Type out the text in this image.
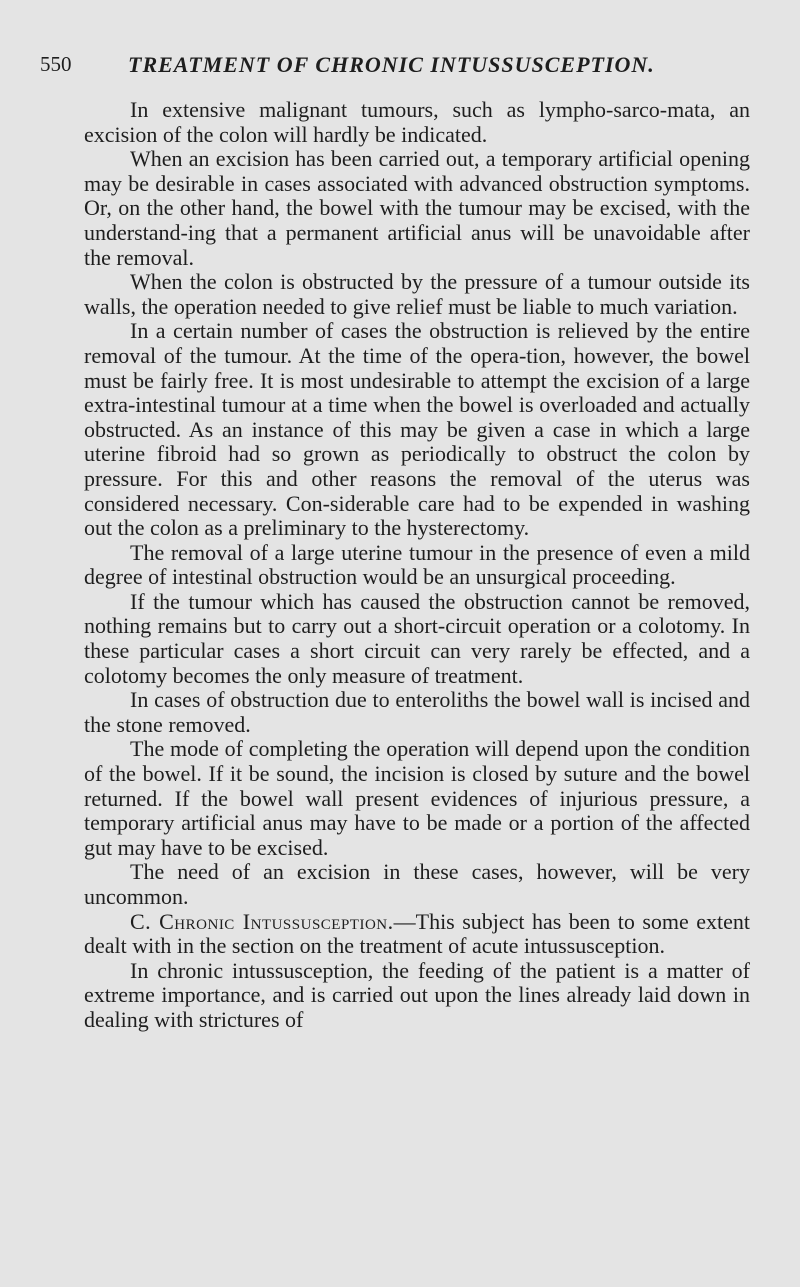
550	TREATMENT OF CHRONIC INTUSSUSCEPTION.

In extensive malignant tumours, such as lympho-sarco-mata, an excision of the colon will hardly be indicated.

When an excision has been carried out, a temporary artificial opening may be desirable in cases associated with advanced obstruction symptoms. Or, on the other hand, the bowel with the tumour may be excised, with the understand-ing that a permanent artificial anus will be unavoidable after the removal.

When the colon is obstructed by the pressure of a tumour outside its walls, the operation needed to give relief must be liable to much variation.

In a certain number of cases the obstruction is relieved by the entire removal of the tumour. At the time of the opera-tion, however, the bowel must be fairly free. It is most undesirable to attempt the excision of a large extra-intestinal tumour at a time when the bowel is overloaded and actually obstructed. As an instance of this may be given a case in which a large uterine fibroid had so grown as periodically to obstruct the colon by pressure. For this and other reasons the removal of the uterus was considered necessary. Con-siderable care had to be expended in washing out the colon as a preliminary to the hysterectomy.

The removal of a large uterine tumour in the presence of even a mild degree of intestinal obstruction would be an unsurgical proceeding.

If the tumour which has caused the obstruction cannot be removed, nothing remains but to carry out a short-circuit operation or a colotomy. In these particular cases a short circuit can very rarely be effected, and a colotomy becomes the only measure of treatment.

In cases of obstruction due to enteroliths the bowel wall is incised and the stone removed.

The mode of completing the operation will depend upon the condition of the bowel. If it be sound, the incision is closed by suture and the bowel returned. If the bowel wall present evidences of injurious pressure, a temporary artificial anus may have to be made or a portion of the affected gut may have to be excised.

The need of an excision in these cases, however, will be very uncommon.

C. Chronic Intussusception.—This subject has been to some extent dealt with in the section on the treatment of acute intussusception.

In chronic intussusception, the feeding of the patient is a matter of extreme importance, and is carried out upon the lines already laid down in dealing with strictures of
